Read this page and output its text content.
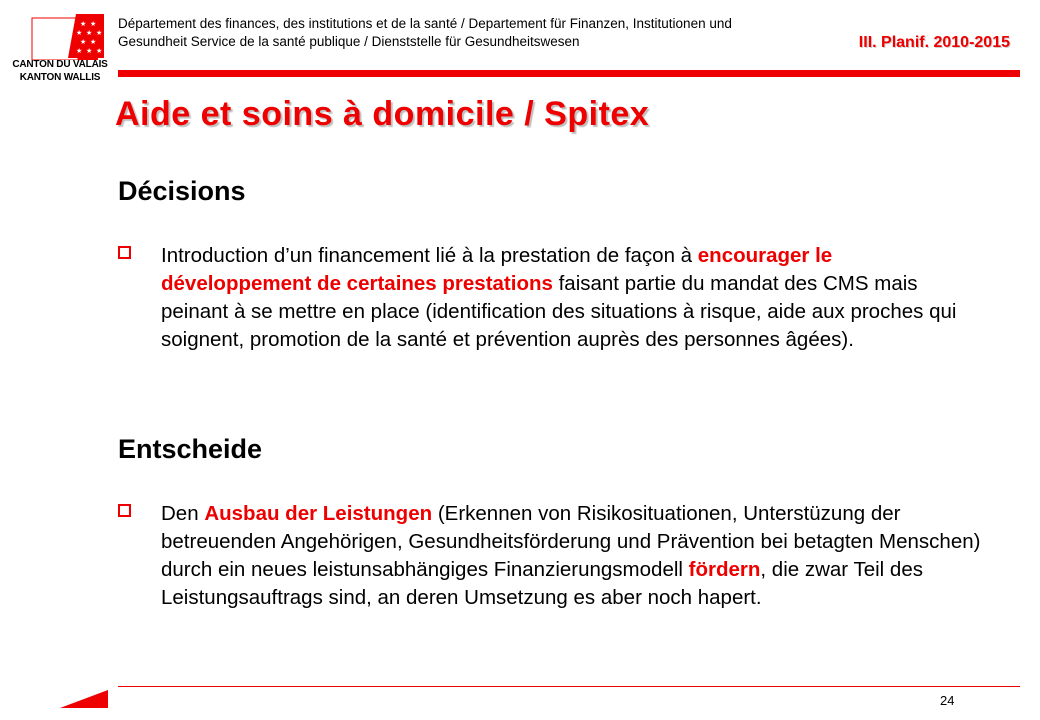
★ ★
★ ★ ★
★ ★
★ ★ ★
CANTON DU VALAIS
KANTON WALLIS
Département des finances, des institutions et de la santé / Departement für Finanzen, Institutionen und Gesundheit Service de la santé publique / Dienststelle für Gesundheitswesen	III. Planif. 2010-2015
Aide et soins à domicile / Spitex
Décisions
Introduction d’un financement lié à la prestation de façon à encourager le développement de certaines prestations faisant partie du mandat des CMS mais peinant à se mettre en place (identification des situations à risque, aide aux proches qui soignent, promotion de la santé et prévention auprès des personnes âgées).
Entscheide
Den Ausbau der Leistungen (Erkennen von Risikosituationen, Unterstüzung der betreuenden Angehörigen, Gesundheitsförderung und Prävention bei betagten Menschen) durch ein neues leistunsabhängiges Finanzierungsmodell fördern, die zwar Teil des Leistungsauftrags sind, an deren Umsetzung es aber noch hapert.
24
